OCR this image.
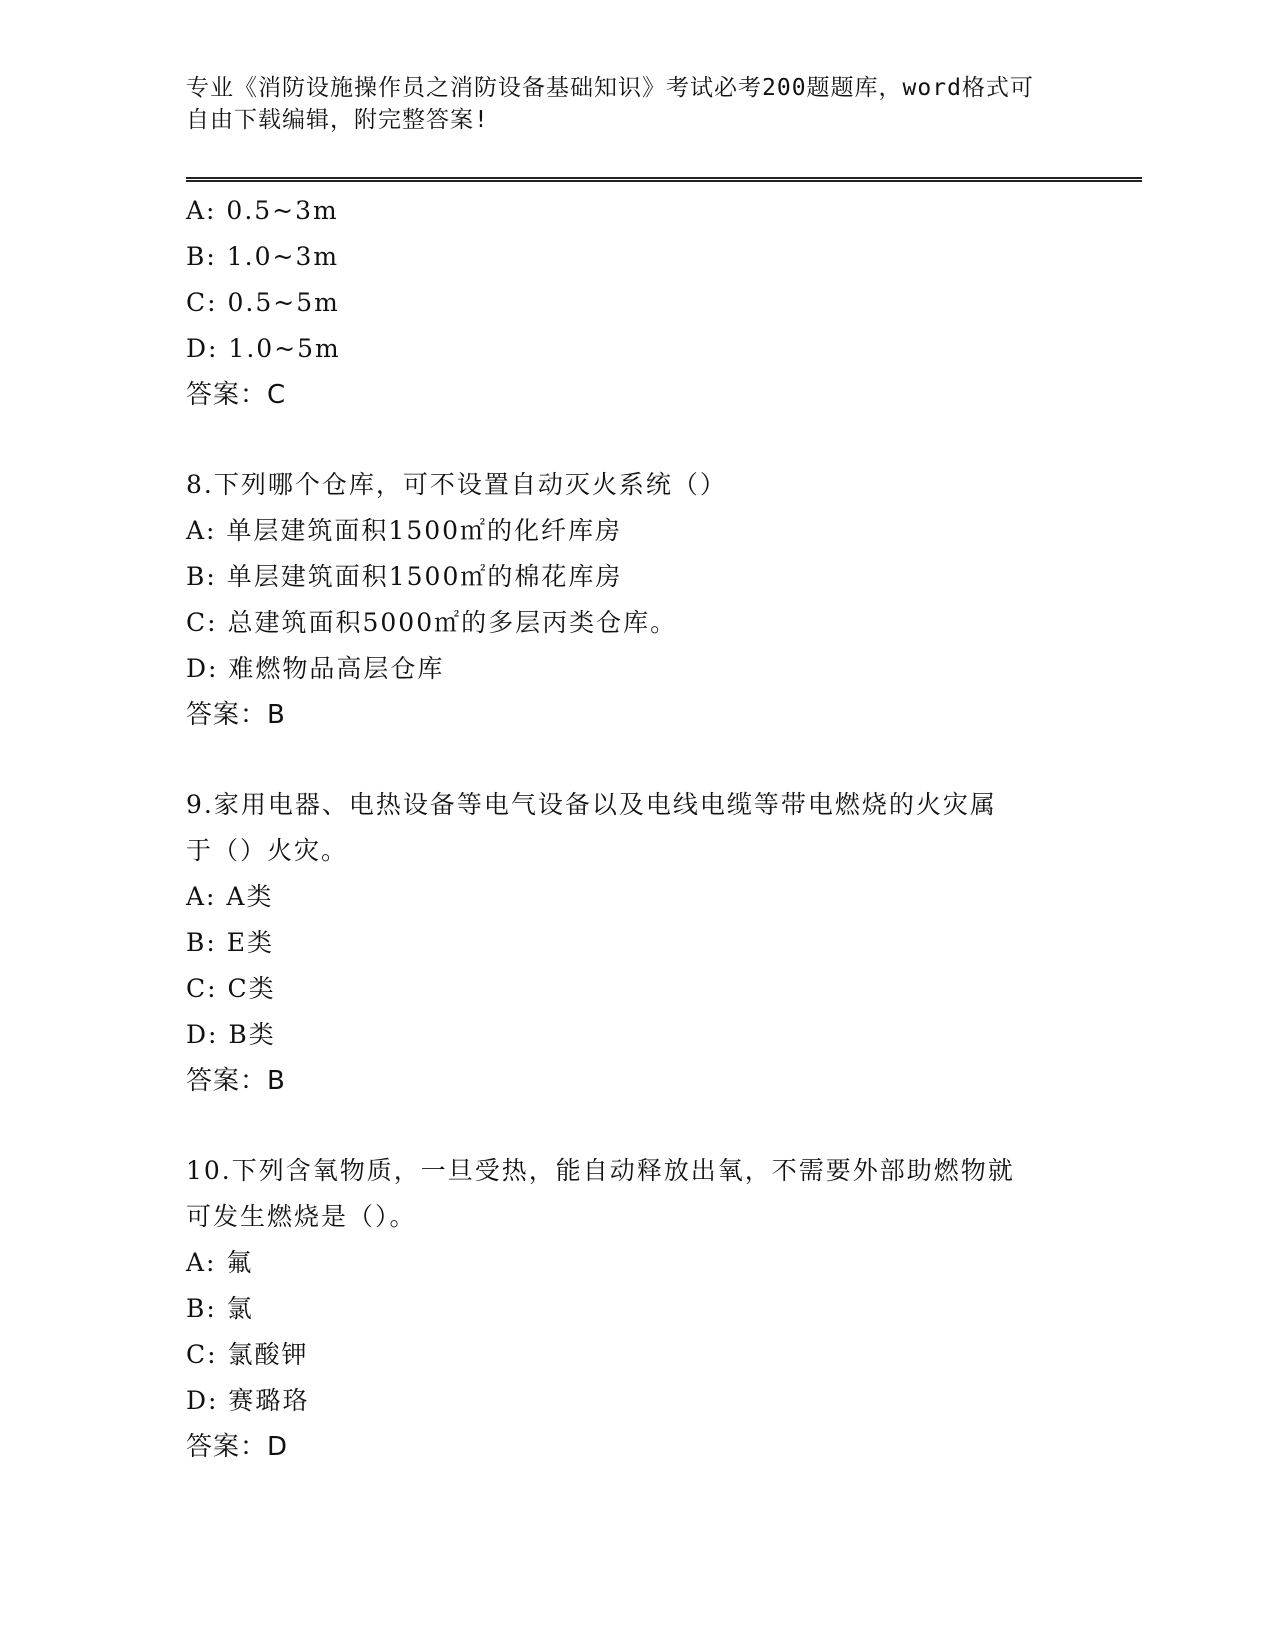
专业《消防设施操作员之消防设备基础知识》考试必考200题题库，word格式可
自由下载编辑，附完整答案!
A: 0.5~3m
B: 1.0~3m
C: 0.5~5m
D: 1.0~5m
答案：C
8.下列哪个仓库，可不设置自动灭火系统（）
A: 单层建筑面积1500㎡的化纤库房
B: 单层建筑面积1500㎡的棉花库房
C: 总建筑面积5000㎡的多层丙类仓库。
D: 难燃物品高层仓库
答案：B
9.家用电器、电热设备等电气设备以及电线电缆等带电燃烧的火灾属
于（）火灾。
A: A类
B: E类
C: C类
D: B类
答案：B
10.下列含氧物质，一旦受热，能自动释放出氧，不需要外部助燃物就
可发生燃烧是（）。
A: 氟
B: 氯
C: 氯酸钾
D: 赛璐珞
答案：D
